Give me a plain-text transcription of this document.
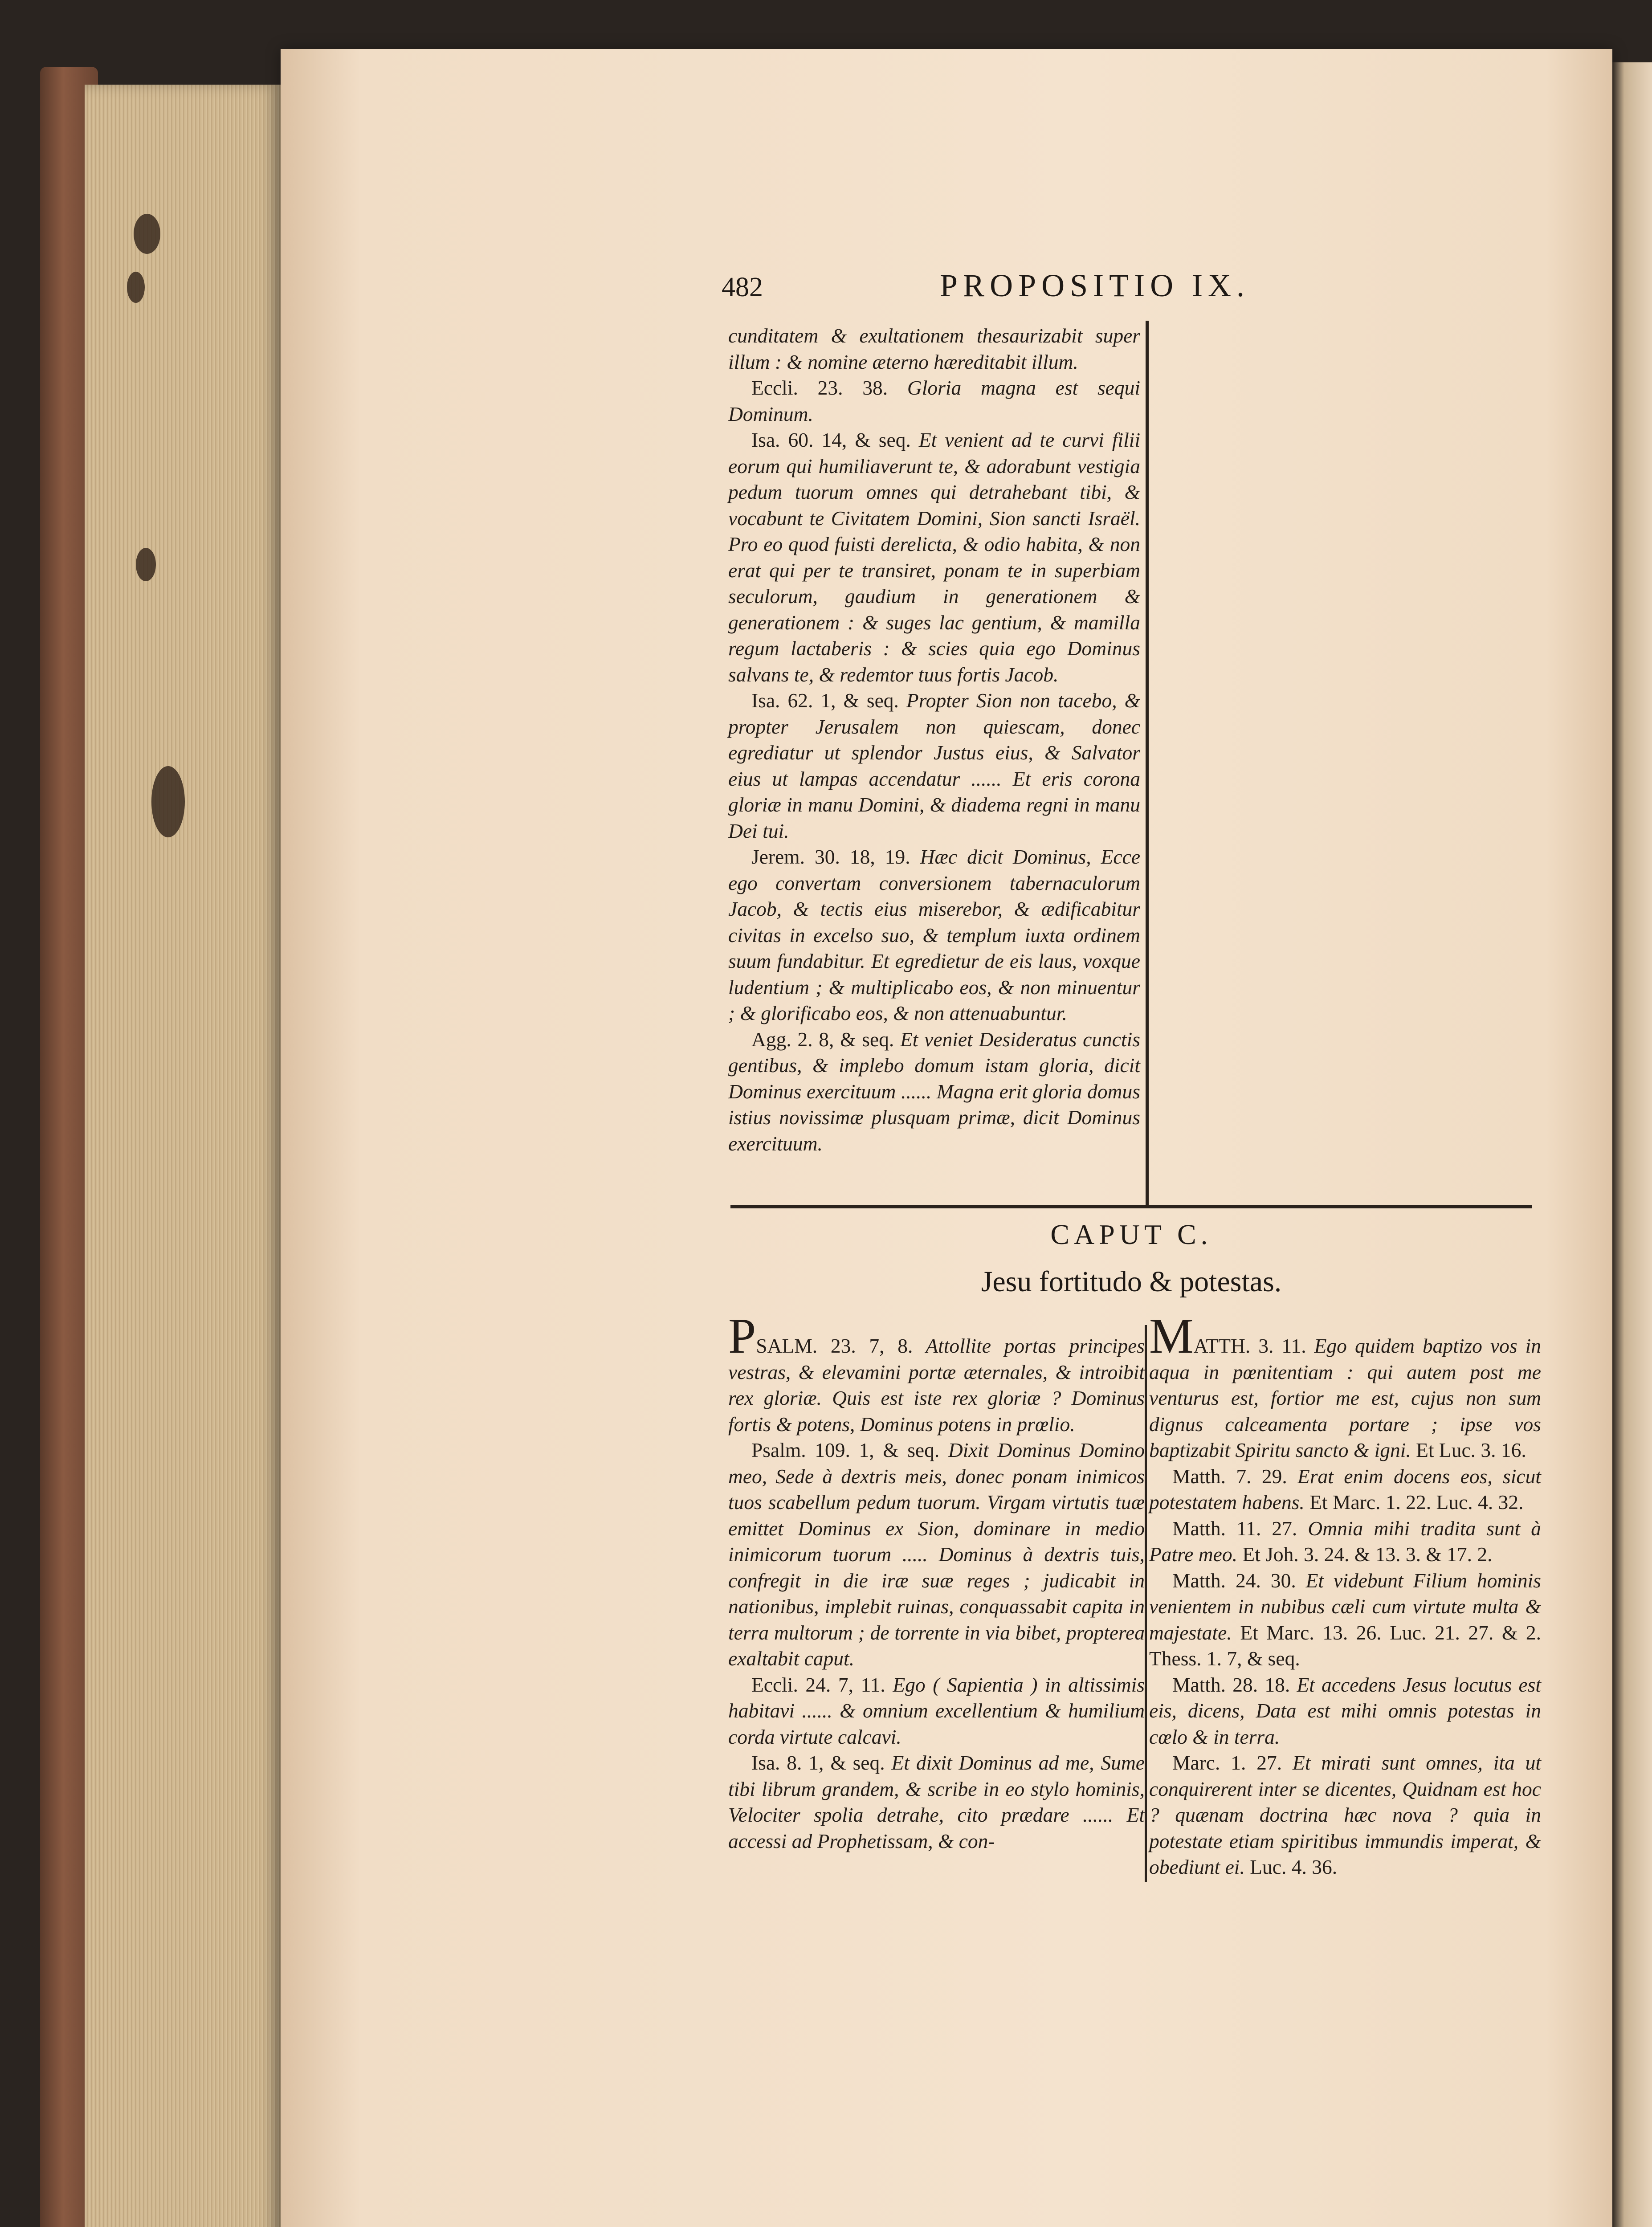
482	PROPOSITIO IX.

cunditatem & exultationem thesaurizabit super illum : & nomine æterno hæreditabit illum.

Eccli. 23. 38. Gloria magna est sequi Dominum.

Isa. 60. 14, & seq. Et venient ad te curvi filii eorum qui humiliaverunt te, & adorabunt vestigia pedum tuorum omnes qui detrahebant tibi, & vocabunt te Civitatem Domini, Sion sancti Israël. Pro eo quod fuisti derelicta, & odio habita, & non erat qui per te transiret, ponam te in superbiam seculorum, gaudium in generationem & generationem : & suges lac gentium, & mamilla regum lactaberis : & scies quia ego Dominus salvans te, & redemtor tuus fortis Jacob.

Isa. 62. 1, & seq. Propter Sion non tacebo, & propter Jerusalem non quiescam, donec egrediatur ut splendor Justus eius, & Salvator eius ut lampas accendatur ...... Et eris corona gloriæ in manu Domini, & diadema regni in manu Dei tui.

Jerem. 30. 18, 19. Hæc dicit Dominus, Ecce ego convertam conversionem tabernaculorum Jacob, & tectis eius miserebor, & ædificabitur civitas in excelso suo, & templum iuxta ordinem suum fundabitur. Et egredietur de eis laus, voxque ludentium ; & multiplicabo eos, & non minuentur ; & glorificabo eos, & non attenuabuntur.

Agg. 2. 8, & seq. Et veniet Desideratus cunctis gentibus, & implebo domum istam gloria, dicit Dominus exercituum ...... Magna erit gloria domus istius novissimæ plusquam primæ, dicit Dominus exercituum.

CAPUT C.
Jesu fortitudo & potestas.

PSALM. 23. 7, 8. Attollite portas principes vestras, & elevamini portæ æternales, & introibit rex gloriæ. Quis est iste rex gloriæ ? Dominus fortis & potens, Dominus potens in prœlio.

Psalm. 109. 1, & seq. Dixit Dominus Domino meo, Sede à dextris meis, donec ponam inimicos tuos scabellum pedum tuorum. Virgam virtutis tuæ emittet Dominus ex Sion, dominare in medio inimicorum tuorum ..... Dominus à dextris tuis, confregit in die iræ suæ reges ; judicabit in nationibus, implebit ruinas, conquassabit capita in terra multorum ; de torrente in via bibet, propterea exaltabit caput.

Eccli. 24. 7, 11. Ego ( Sapientia ) in altissimis habitavi ...... & omnium excellentium & humilium corda virtute calcavi.

Isa. 8. 1, & seq. Et dixit Dominus ad me, Sume tibi librum grandem, & scribe in eo stylo hominis, Velociter spolia detrahe, cito prædare ...... Et accessi ad Prophetissam, & con-

MATTH. 3. 11. Ego quidem baptizo vos in aqua in pœnitentiam : qui autem post me venturus est, fortior me est, cujus non sum dignus calceamenta portare ; ipse vos baptizabit Spiritu sancto & igni. Et Luc. 3. 16.

Matth. 7. 29. Erat enim docens eos, sicut potestatem habens. Et Marc. 1. 22. Luc. 4. 32.

Matth. 11. 27. Omnia mihi tradita sunt à Patre meo. Et Joh. 3. 24. & 13. 3. & 17. 2.

Matth. 24. 30. Et videbunt Filium hominis venientem in nubibus cæli cum virtute multa & majestate. Et Marc. 13. 26. Luc. 21. 27. & 2. Thess. 1. 7, & seq.

Matth. 28. 18. Et accedens Jesus locutus est eis, dicens, Data est mihi omnis potestas in cœlo & in terra.

Marc. 1. 27. Et mirati sunt omnes, ita ut conquirerent inter se dicentes, Quidnam est hoc ? quænam doctrina hæc nova ? quia in potestate etiam spiritibus immundis imperat, & obediunt ei. Luc. 4. 36.
